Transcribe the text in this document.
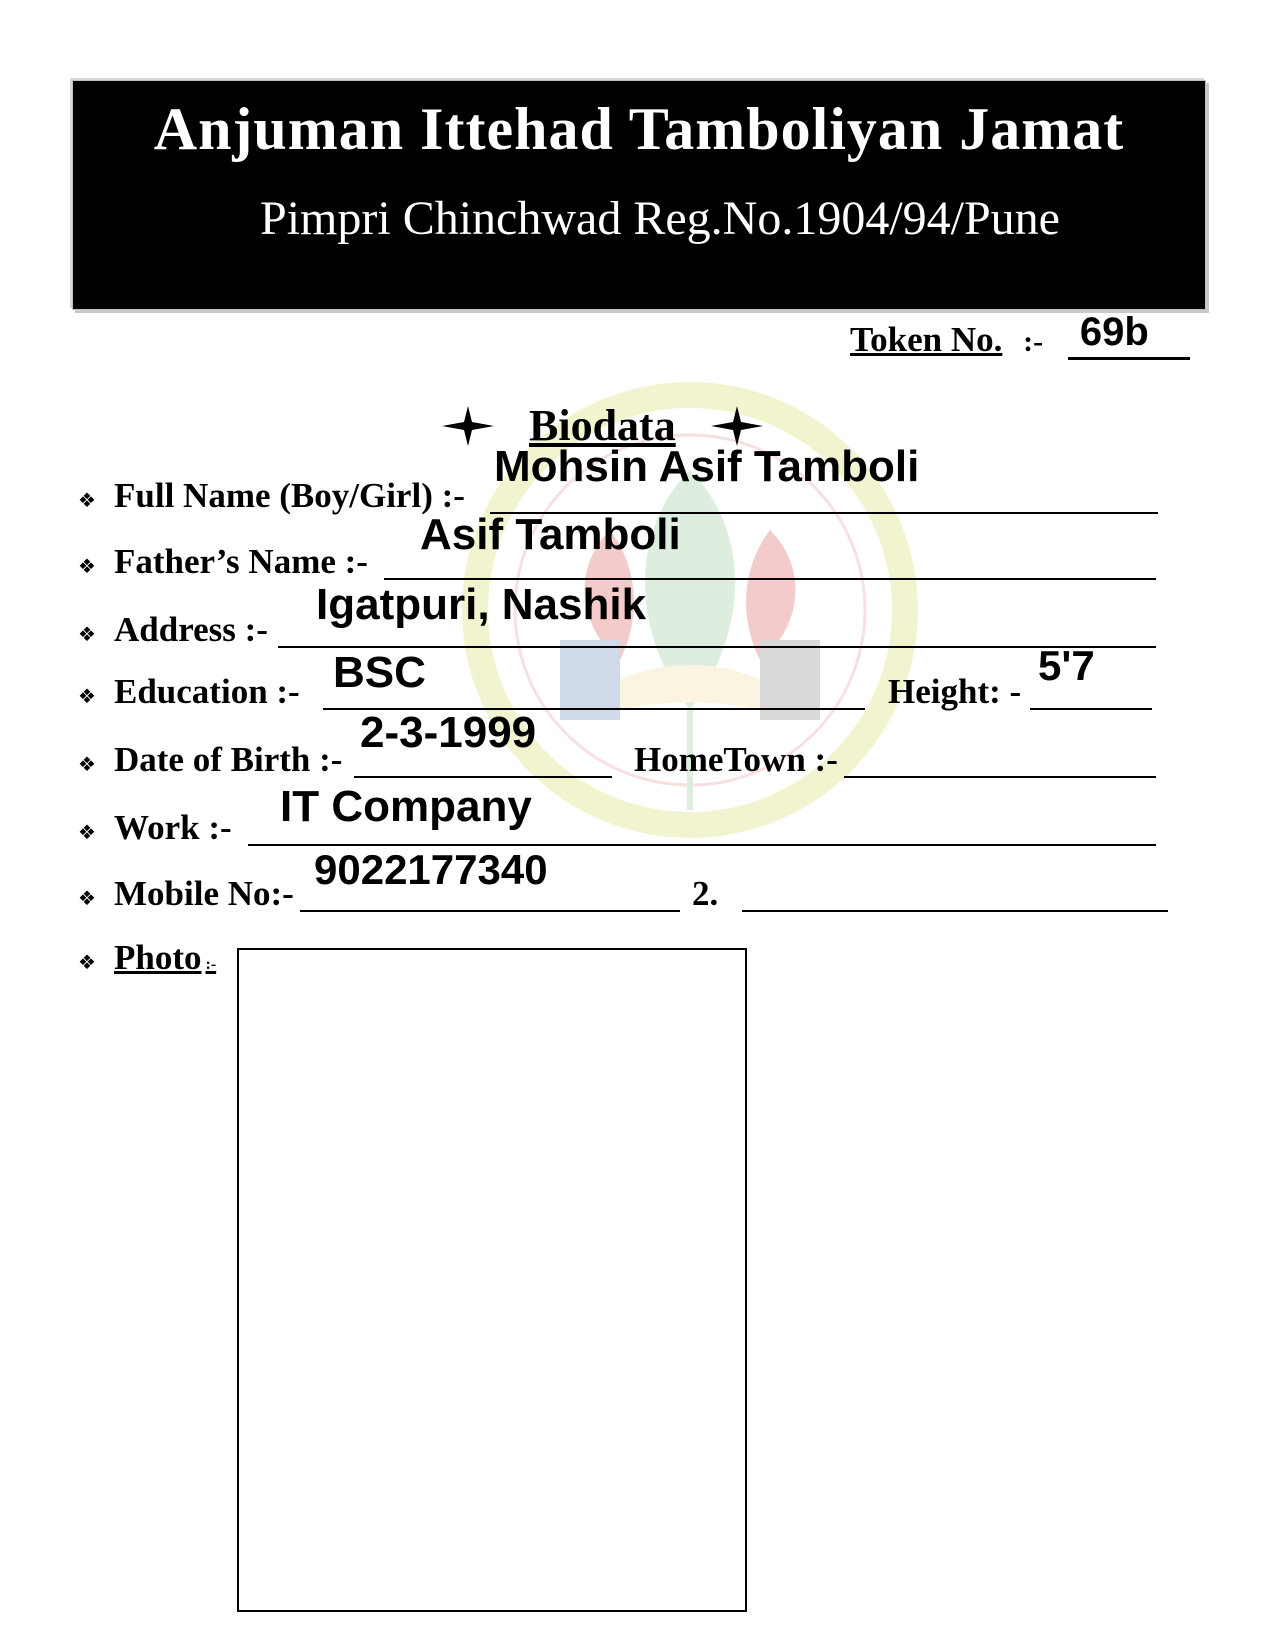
Anjuman Ittehad Tamboliyan Jamat
Pimpri Chinchwad Reg.No.1904/94/Pune
Token No. :- 69b
Biodata
❖ Full Name (Boy/Girl) :-
Mohsin Asif Tamboli
❖ Father’s Name :-
Asif Tamboli
❖ Address :-
Igatpuri, Nashik
❖ Education :- BSC	Height: -
5'7
❖ Date of Birth :-
2-3-1999
HomeTown :-
❖ Work :- IT Company
❖ Mobile No:-
9022177340
2.
❖ Photo :-
